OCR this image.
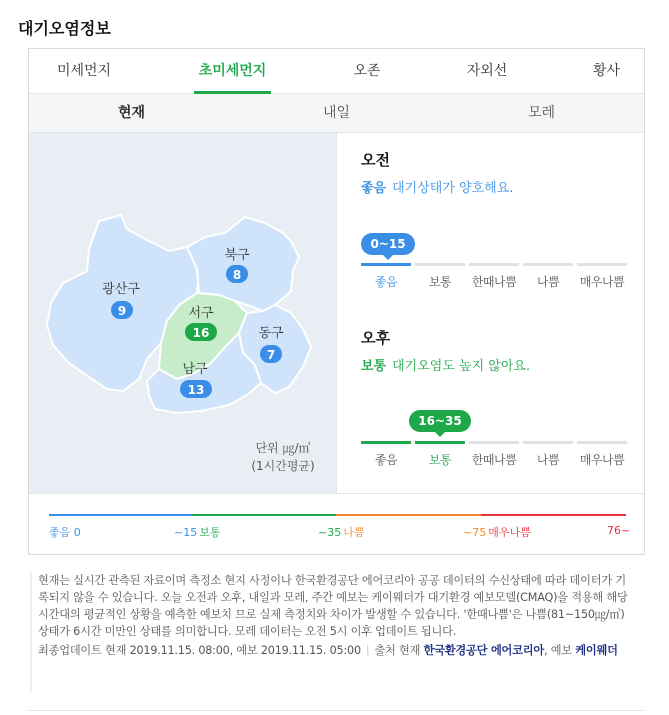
대기오염정보
미세먼지	초미세먼지	오존	자외선	황사
현재	내일	모레
광산구
9
북구
8
서구
16	동구
7
남구
13
단위 ㎍/㎥
(1시간평균)
오전
좋음 대기상태가 양호해요.
0~15
좋음	보통	한때나쁨	나쁨	매우나쁨
오후
보통 대기오염도 높지 않아요.
16~35
좋음	보통	한때나쁨	나쁨	매우나쁨
좋음 0	~15 보통	~35 나쁨	~75 매우나쁨	76~

현재는 실시간 관측된 자료이며 측정소 현지 사정이나 한국환경공단 에어코리아 공공 데이터의 수신상태에 따라 데이터가 기록되지 않을 수 있습니다. 오늘 오전과 오후, 내일과 모레, 주간 예보는 케이웨더가 대기환경 예보모델(CMAQ)을 적용해 해당 시간대의 평균적인 상황을 예측한 예보치 므로 실제 측정치와 차이가 발생할 수 있습니다. '한때나쁨'은 나쁨(81~150㎍/㎥)상태가 6시간 미만인 상태를 의미합니다. 모레 데이터는 오전 5시 이후 업데이트 됩니다.

최종업데이트 현재 2019.11.15. 08:00, 예보 2019.11.15. 05:00 | 출처 현재 한국환경공단 에어코리아, 예보 케이웨더
